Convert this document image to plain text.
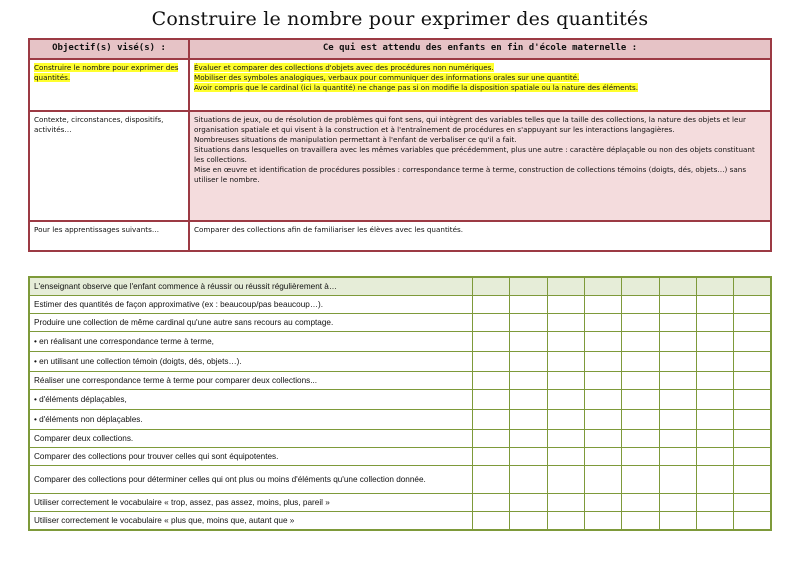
Construire le nombre pour exprimer des quantités
Objectif(s) visé(s) :	Ce qui est attendu des enfants en fin d'école maternelle :
Construire le nombre pour exprimer des quantités.	Évaluer et comparer des collections d'objets avec des procédures non numériques.
Mobiliser des symboles analogiques, verbaux pour communiquer des informations orales sur une quantité.
Avoir compris que le cardinal (ici la quantité) ne change pas si on modifie la disposition spatiale ou la nature des éléments.

Contexte, circonstances, dispositifs, activités…	Situations de jeux, ou de résolution de problèmes qui font sens, qui intègrent des variables telles que la taille des collections, la nature des objets et leur organisation spatiale et qui visent à la construction et à l'entraînement de procédures en s'appuyant sur les interactions langagières.
Nombreuses situations de manipulation permettant à l'enfant de verbaliser ce qu'il a fait.
Situations dans lesquelles on travaillera avec les mêmes variables que précédemment, plus une autre : caractère déplaçable ou non des objets constituant les collections.
Mise en œuvre et identification de procédures possibles : correspondance terme à terme, construction de collections témoins (doigts, dés, objets…) sans utiliser le nombre.

Pour les apprentissages suivants…	Comparer des collections afin de familiariser les élèves avec les quantités.
L'enseignant observe que l'enfant commence à réussir ou réussit régulièrement à…								
Estimer des quantités de façon approximative (ex : beaucoup/pas beaucoup…).								
Produire une collection de même cardinal qu'une autre sans recours au comptage.								
• en réalisant une correspondance terme à terme,								
• en utilisant une collection témoin (doigts, dés, objets…).								
Réaliser une correspondance terme à terme pour comparer deux collections...								
• d'éléments déplaçables,								
• d'éléments non déplaçables.								
Comparer deux collections.								
Comparer des collections pour trouver celles qui sont équipotentes.								
Comparer des collections pour déterminer celles qui ont plus ou moins d'éléments qu'une collection donnée.								
Utiliser correctement le vocabulaire « trop, assez, pas assez, moins, plus, pareil »								
Utiliser correctement le vocabulaire « plus que, moins que, autant que »								
